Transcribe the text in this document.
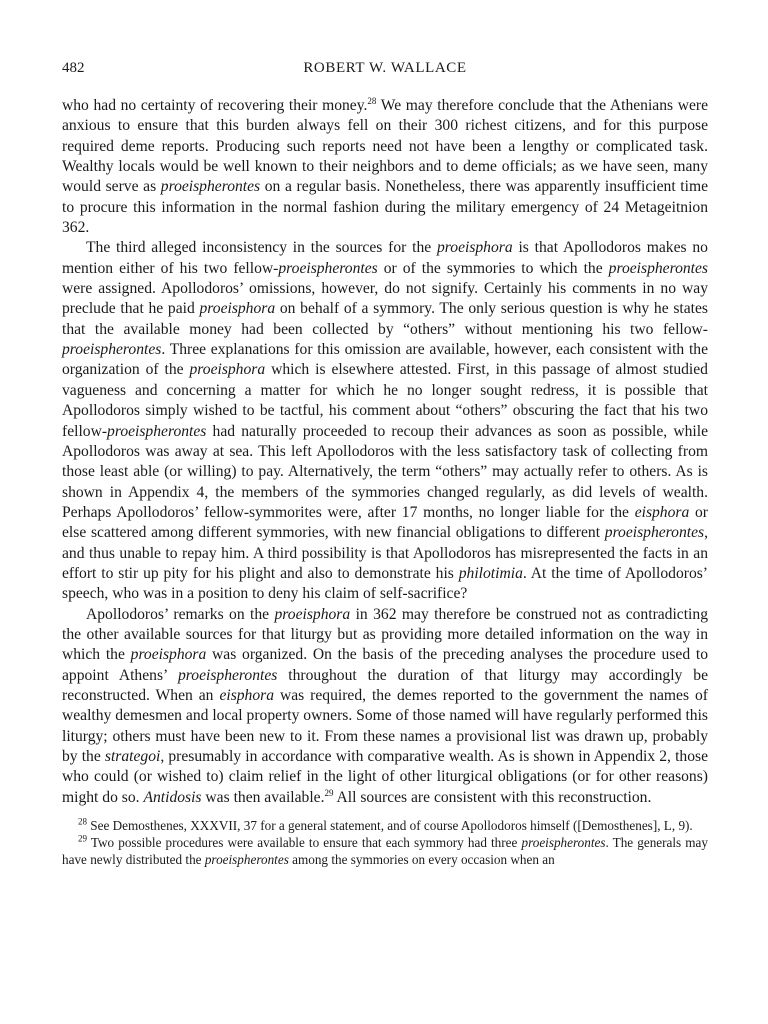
482	ROBERT W. WALLACE

who had no certainty of recovering their money.$^{28}$ We may therefore conclude that the Athenians were anxious to ensure that this burden always fell on their 300 richest citizens, and for this purpose required deme reports. Producing such reports need not have been a lengthy or complicated task. Wealthy locals would be well known to their neighbors and to deme officials; as we have seen, many would serve as proeispherontes on a regular basis. Nonetheless, there was apparently insufficient time to procure this information in the normal fashion during the military emergency of 24 Metageitnion 362.

The third alleged inconsistency in the sources for the proeisphora is that Apollodoros makes no mention either of his two fellow-proeispherontes or of the symmories to which the proeispherontes were assigned. Apollodoros’ omissions, however, do not signify. Certainly his comments in no way preclude that he paid proeisphora on behalf of a symmory. The only serious question is why he states that the available money had been collected by “others” without mentioning his two fellow-proeispherontes. Three explanations for this omission are available, however, each consistent with the organization of the proeisphora which is elsewhere attested. First, in this passage of almost studied vagueness and concerning a matter for which he no longer sought redress, it is possible that Apollodoros simply wished to be tactful, his comment about “others” obscuring the fact that his two fellow-proeispherontes had naturally proceeded to recoup their advances as soon as possible, while Apollodoros was away at sea. This left Apollodoros with the less satisfactory task of collecting from those least able (or willing) to pay. Alternatively, the term “others” may actually refer to others. As is shown in Appendix 4, the members of the symmories changed regularly, as did levels of wealth. Perhaps Apollodoros’ fellow-symmorites were, after 17 months, no longer liable for the eisphora or else scattered among different symmories, with new financial obligations to different proeispherontes, and thus unable to repay him. A third possibility is that Apollodoros has misrepresented the facts in an effort to stir up pity for his plight and also to demonstrate his philotimia. At the time of Apollodoros’ speech, who was in a position to deny his claim of self-sacrifice?

Apollodoros’ remarks on the proeisphora in 362 may therefore be construed not as contradicting the other available sources for that liturgy but as providing more detailed information on the way in which the proeisphora was organized. On the basis of the preceding analyses the procedure used to appoint Athens’ proeispherontes throughout the duration of that liturgy may accordingly be reconstructed. When an eisphora was required, the demes reported to the government the names of wealthy demesmen and local property owners. Some of those named will have regularly performed this liturgy; others must have been new to it. From these names a provisional list was drawn up, probably by the strategoi, presumably in accordance with comparative wealth. As is shown in Appendix 2, those who could (or wished to) claim relief in the light of other liturgical obligations (or for other reasons) might do so. Antidosis was then available.$^{29}$ All sources are consistent with this reconstruction.

$^{28}$ See Demosthenes, XXXVII, 37 for a general statement, and of course Apollodoros himself ([Demosthenes], L, 9).

$^{29}$ Two possible procedures were available to ensure that each symmory had three proeispherontes. The generals may have newly distributed the proeispherontes among the symmories on every occasion when an
